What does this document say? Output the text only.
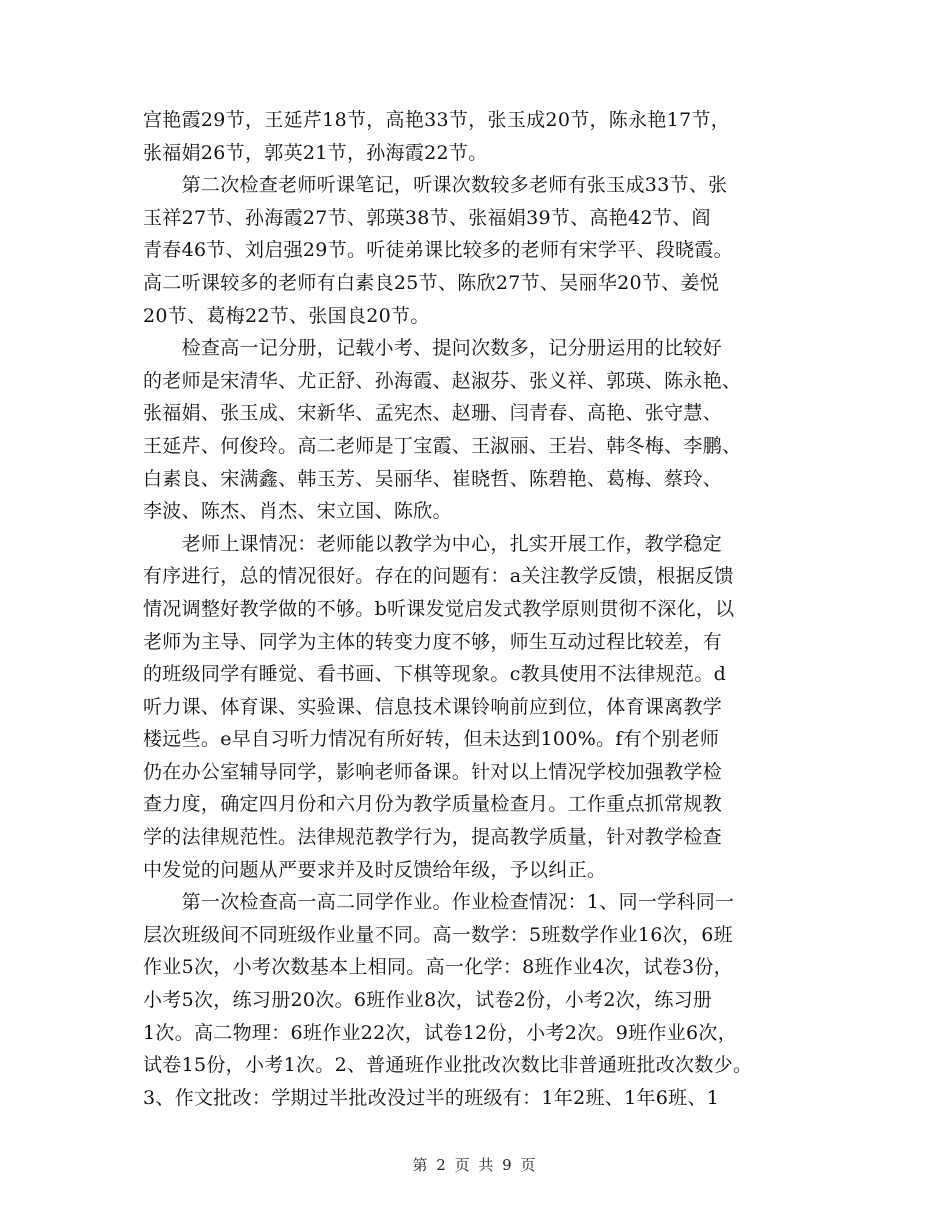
宫艳霞29节，王延芹18节，高艳33节，张玉成20节，陈永艳17节，
张福娟26节，郭英21节，孙海霞22节。
　　第二次检查老师听课笔记，听课次数较多老师有张玉成33节、张
玉祥27节、孙海霞27节、郭瑛38节、张福娟39节、高艳42节、阎
青春46节、刘启强29节。听徒弟课比较多的老师有宋学平、段晓霞。
高二听课较多的老师有白素良25节、陈欣27节、吴丽华20节、姜悦
20节、葛梅22节、张国良20节。
　　检查高一记分册，记载小考、提问次数多，记分册运用的比较好
的老师是宋清华、尤正舒、孙海霞、赵淑芬、张义祥、郭瑛、陈永艳、
张福娟、张玉成、宋新华、孟宪杰、赵珊、闫青春、高艳、张守慧、
王延芹、何俊玲。高二老师是丁宝霞、王淑丽、王岩、韩冬梅、李鹏、
白素良、宋满鑫、韩玉芳、吴丽华、崔晓哲、陈碧艳、葛梅、蔡玲、
李波、陈杰、肖杰、宋立国、陈欣。
　　老师上课情况：老师能以教学为中心，扎实开展工作，教学稳定
有序进行，总的情况很好。存在的问题有：a关注教学反馈，根据反馈
情况调整好教学做的不够。b听课发觉启发式教学原则贯彻不深化，以
老师为主导、同学为主体的转变力度不够，师生互动过程比较差，有
的班级同学有睡觉、看书画、下棋等现象。c教具使用不法律规范。d
听力课、体育课、实验课、信息技术课铃响前应到位，体育课离教学
楼远些。e早自习听力情况有所好转，但未达到100%。f有个别老师
仍在办公室辅导同学，影响老师备课。针对以上情况学校加强教学检
查力度，确定四月份和六月份为教学质量检查月。工作重点抓常规教
学的法律规范性。法律规范教学行为，提高教学质量，针对教学检查
中发觉的问题从严要求并及时反馈给年级，予以纠正。
　　第一次检查高一高二同学作业。作业检查情况：1、同一学科同一
层次班级间不同班级作业量不同。高一数学：5班数学作业16次，6班
作业5次，小考次数基本上相同。高一化学：8班作业4次，试卷3份，
小考5次，练习册20次。6班作业8次，试卷2份，小考2次，练习册
1次。高二物理：6班作业22次，试卷12份，小考2次。9班作业6次，
试卷15份，小考1次。2、普通班作业批改次数比非普通班批改次数少。
3、作文批改：学期过半批改没过半的班级有：1年2班、1年6班、1
第 2 页 共 9 页
